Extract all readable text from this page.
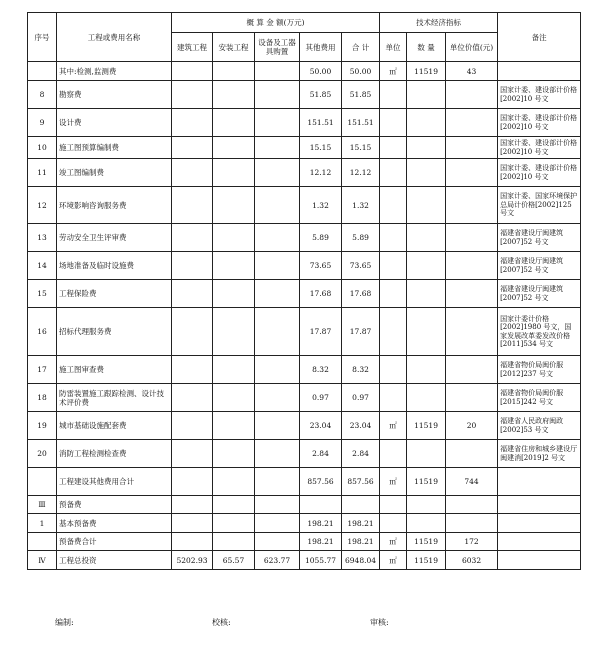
序号	工程或费用名称	概 算 金 额(万元)					技术经济指标			备注
		建筑工程	安装工程	设备及工器具购置	其他费用	合 计	单位	数 量	单位价值(元)	
	其中:检测,监测费				50.00	50.00	㎡	11519	43	
8	勘察费				51.85	51.85				国家计委、建设部计价格[2002]10 号文
9	设计费				151.51	151.51				国家计委、建设部计价格[2002]10 号文
10	施工图预算编制费				15.15	15.15				国家计委、建设部计价格[2002]10 号文
11	竣工图编制费				12.12	12.12				国家计委、建设部计价格[2002]10 号文
12	环境影响咨询服务费				1.32	1.32				国家计委、国家环境保护总局计价格[2002]125 号文
13	劳动安全卫生评审费				5.89	5.89				福建省建设厅闽建筑[2007]52 号文
14	场地准备及临时设施费				73.65	73.65				福建省建设厅闽建筑[2007]52 号文
15	工程保险费				17.68	17.68				福建省建设厅闽建筑[2007]52 号文
16	招标代理服务费				17.87	17.87				国家计委计价格[2002]1980 号文，国家发展改革委发改价格[2011]534 号文
17	施工图审查费				8.32	8.32				福建省物价局闽价服[2012]237 号文
18	防雷装置施工跟踪检测、设计技术评价费				0.97	0.97				福建省物价局闽价服[2015]242 号文
19	城市基础设施配套费				23.04	23.04	㎡	11519	20	福建省人民政府闽政[2002]53 号文
20	消防工程检测检查费				2.84	2.84				福建省住房和城乡建设厅闽建消[2019]2 号文
	工程建设其他费用合计				857.56	857.56	㎡	11519	744	
Ⅲ	预备费									
1	基本预备费				198.21	198.21				
	预备费合计				198.21	198.21	㎡	11519	172	
Ⅳ	工程总投资	5202.93	65.57	623.77	1055.77	6948.04	㎡	11519	6032	
编制:	校核:	审核:
